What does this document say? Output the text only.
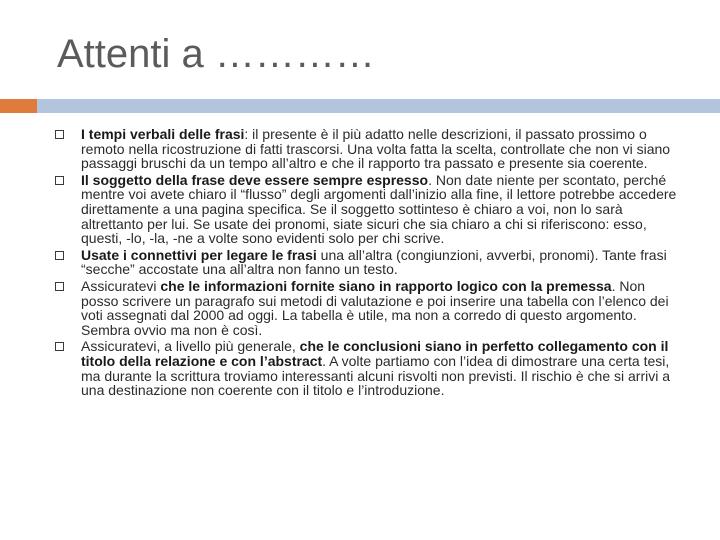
Attenti a …………
I tempi verbali delle frasi: il presente è il più adatto nelle descrizioni, il passato prossimo o remoto nella ricostruzione di fatti trascorsi. Una volta fatta la scelta, controllate che non vi siano passaggi bruschi da un tempo all’altro e che il rapporto tra passato e presente sia coerente.
Il soggetto della frase deve essere sempre espresso. Non date niente per scontato, perché mentre voi avete chiaro il “flusso” degli argomenti dall’inizio alla fine, il lettore potrebbe accedere direttamente a una pagina specifica. Se il soggetto sottinteso è chiaro a voi, non lo sarà altrettanto per lui. Se usate dei pronomi, siate sicuri che sia chiaro a chi si riferiscono: esso, questi, -lo, -la, -ne a volte sono evidenti solo per chi scrive.
Usate i connettivi per legare le frasi una all’altra (congiunzioni, avverbi, pronomi). Tante frasi “secche” accostate una all’altra non fanno un testo.
Assicuratevi che le informazioni fornite siano in rapporto logico con la premessa. Non posso scrivere un paragrafo sui metodi di valutazione e poi inserire una tabella con l’elenco dei voti assegnati dal 2000 ad oggi. La tabella è utile, ma non a corredo di questo argomento. Sembra ovvio ma non è così.
Assicuratevi, a livello più generale, che le conclusioni siano in perfetto collegamento con il titolo della relazione e con l’abstract. A volte partiamo con l’idea di dimostrare una certa tesi, ma durante la scrittura troviamo interessanti alcuni risvolti non previsti. Il rischio è che si arrivi a una destinazione non coerente con il titolo e l’introduzione.
